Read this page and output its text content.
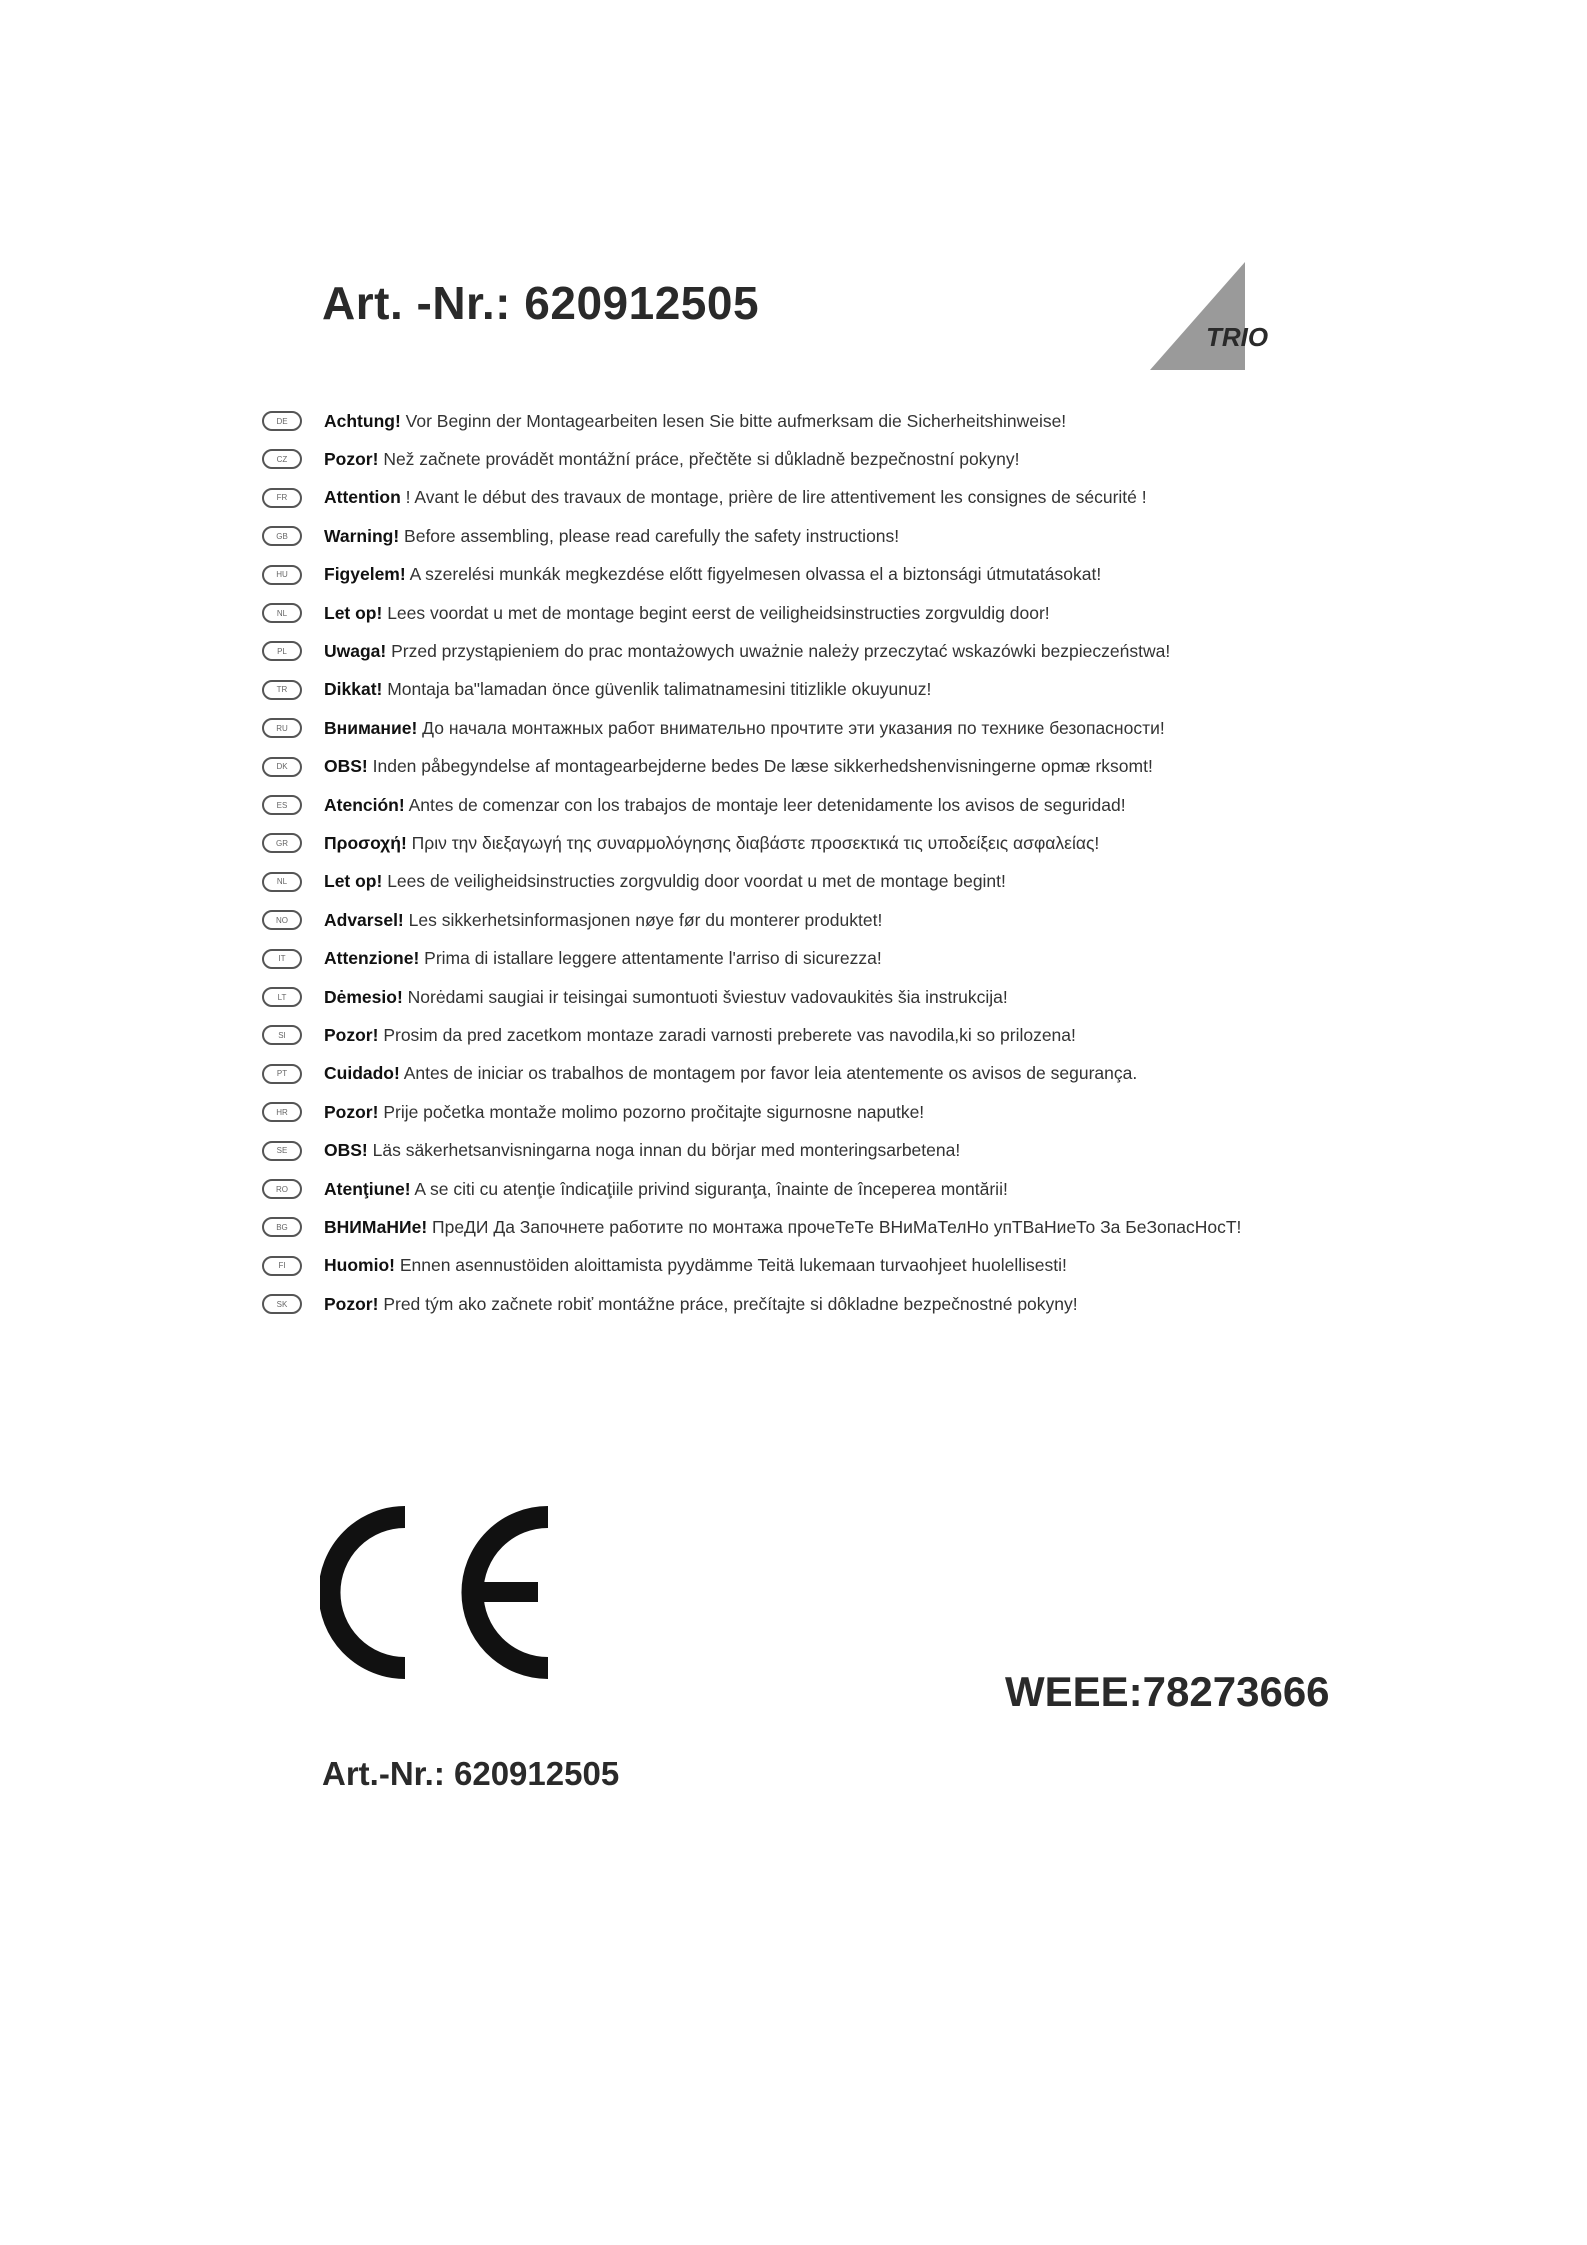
Art. -Nr.: 620912505
TRIO
DE	Achtung! Vor Beginn der Montagearbeiten lesen Sie bitte aufmerksam die Sicherheitshinweise!
CZ	Pozor! Než začnete provádět montážní práce, přečtěte si důkladně bezpečnostní pokyny!
FR	Attention ! Avant le début des travaux de montage, prière de lire attentivement les consignes de sécurité !
GB	Warning! Before assembling, please read carefully the safety instructions!
HU	Figyelem! A szerelési munkák megkezdése előtt figyelmesen olvassa el a biztonsági útmutatásokat!
NL	Let op! Lees voordat u met de montage begint eerst de veiligheidsinstructies zorgvuldig door!
PL	Uwaga! Przed przystąpieniem do prac montażowych uważnie należy przeczytać wskazówki bezpieczeństwa!
TR	Dikkat! Montaja ba"lamadan önce güvenlik talimatnamesini titizlikle okuyunuz!
RU	Внимание! До начала монтажных работ внимательно прочтите эти указания по технике безопасности!
DK	OBS! Inden påbegyndelse af montagearbejderne bedes De læse sikkerhedshenvisningerne opmæ rksomt!
ES	Atención! Antes de comenzar con los trabajos de montaje leer detenidamente los avisos de seguridad!
GR	Προσοχή! Πριν την διεξαγωγή της συναρμολόγησης διαβάστε προσεκτικά τις υποδείξεις ασφαλείας!
NL	Let op! Lees de veiligheidsinstructies zorgvuldig door voordat u met de montage begint!
NO	Advarsel! Les sikkerhetsinformasjonen nøye før du monterer produktet!
IT	Attenzione! Prima di istallare leggere attentamente l'arriso di sicurezza!
LT	Dėmesio! Norėdami saugiai ir teisingai sumontuoti šviestuv vadovaukitės šia instrukcija!
SI	Pozor! Prosim da pred zacetkom montaze zaradi varnosti preberete vas navodila,ki so prilozena!
PT	Cuidado! Antes de iniciar os trabalhos de montagem por favor leia atentemente os avisos de segurança.
HR	Pozor! Prije početka montaže molimo pozorno pročitajte sigurnosne naputke!
SE	OBS! Läs säkerhetsanvisningarna noga innan du börjar med monteringsarbetena!
RO	Atenţiune! A se citi cu atenţie îndicaţiile privind siguranţa, înainte de începerea montării!
BG	ВНИМаНИе! ПреДИ Да Започнете работите по монтажа прочеТеТе ВНиМаТелНо упТВаНиеТо За БеЗопасНосТ!
FI	Huomio! Ennen asennustöiden aloittamista pyydämme Teitä lukemaan turvaohjeet huolellisesti!
SK	Pozor! Pred tým ako začnete robiť montážne práce, prečítajte si dôkladne bezpečnostné pokyny!
WEEE:78273666
Art.-Nr.: 620912505
